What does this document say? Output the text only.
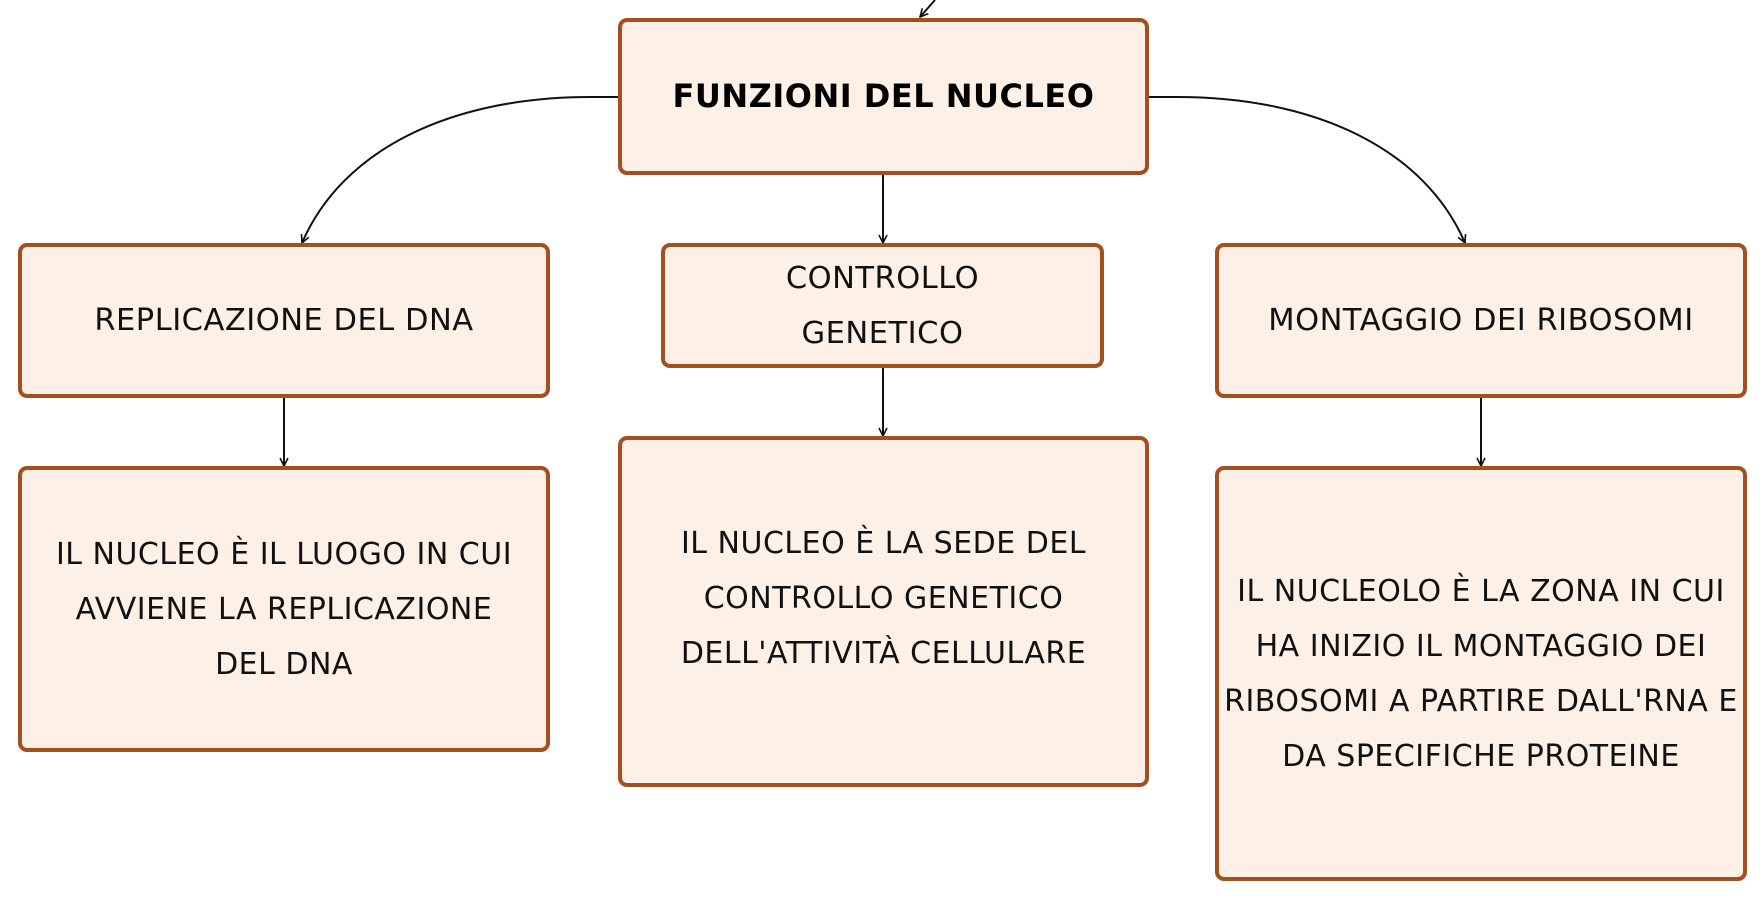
FUNZIONI DEL NUCLEO
REPLICAZIONE DEL DNA
CONTROLLO GENETICO	MONTAGGIO DEI RIBOSOMI
IL NUCLEO È IL LUOGO IN CUI AVVIENE LA REPLICAZIONE DEL DNA
IL NUCLEO È LA SEDE DEL CONTROLLO GENETICO DELL'ATTIVITÀ CELLULARE
IL NUCLEOLO È LA ZONA IN CUI HA INIZIO IL MONTAGGIO DEI RIBOSOMI A PARTIRE DALL'RNA E DA SPECIFICHE PROTEINE
